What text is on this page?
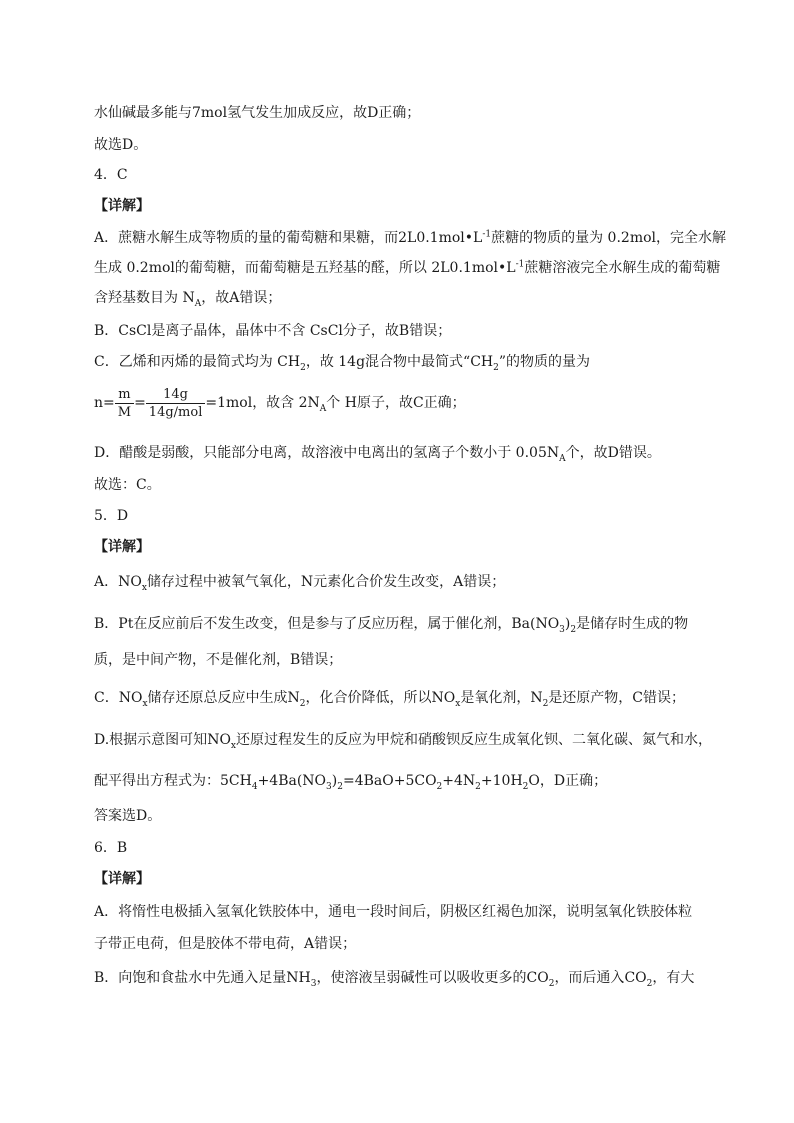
水仙碱最多能与7mol氢气发生加成反应，故D正确；
故选D。
4．C
【详解】
A．蔗糖水解生成等物质的量的葡萄糖和果糖，而$2L0.1mol•L^{-1}$蔗糖的物质的量为 0.2mol，完全水解
生成 0.2mol的葡萄糖，而葡萄糖是五羟基的醛，所以 $2L0.1mol•L^{-1}$蔗糖溶液完全水解生成的葡萄糖
含羟基数目为 $N_A$，故A错误；
B．CsCl是离子晶体，晶体中不含 CsCl分子，故B错误；
C．乙烯和丙烯的最简式均为 $CH_2$，故 14g混合物中最简式“$CH_2$”的物质的量为
$n= \frac{m}{M} = \frac{14g}{\text{14g/mol}} =1mol$，故含 $2N_A$个 H原子，故C正确；
D．醋酸是弱酸，只能部分电离，故溶液中电离出的氢离子个数小于 $0.05N_A$个，故D错误。
故选：C。
5．D
【详解】
A．$NO_x$储存过程中被氧气氧化，N元素化合价发生改变，A错误；
B．Pt在反应前后不发生改变，但是参与了反应历程，属于催化剂，$Ba(NO_3)_2$是储存时生成的物
质，是中间产物，不是催化剂，B错误；
C．$NO_x$储存还原总反应中生成$N_2$，化合价降低，所以$NO_x$是氧化剂，$N_2$是还原产物，C错误；
D.根据示意图可知$NO_x$还原过程发生的反应为甲烷和硝酸钡反应生成氧化钡、二氧化碳、氮气和水，
配平得出方程式为：$5CH_4+4Ba(NO_3)_2=4BaO+5CO_2+4N_2+10H_2O$，D正确；
答案选D。
6．B
【详解】
A．将惰性电极插入氢氧化铁胶体中，通电一段时间后，阴极区红褐色加深，说明氢氧化铁胶体粒
子带正电荷，但是胶体不带电荷，A错误；
B．向饱和食盐水中先通入足量$NH_3$，使溶液呈弱碱性可以吸收更多的$CO_2$，而后通入$CO_2$，有大
